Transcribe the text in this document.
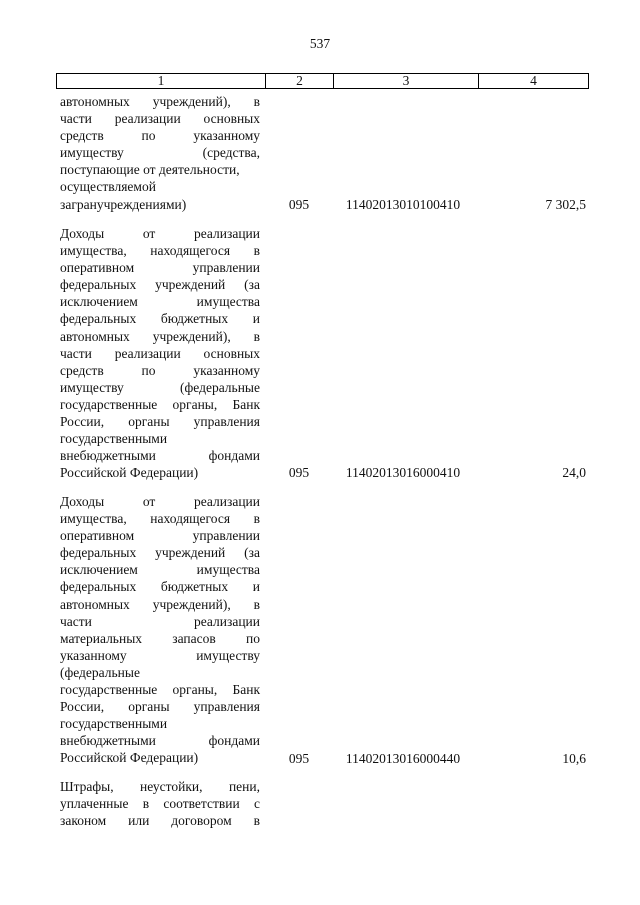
537
1	2	3	4
автономных учреждений), в
части реализации основных
средств по указанному
имуществу (средства,
поступающие от деятельности,
осуществляемой
загранучреждениями)	095	11402013010100410	7 302,5
Доходы от реализации
имущества, находящегося в
оперативном управлении
федеральных учреждений (за
исключением имущества
федеральных бюджетных и
автономных учреждений), в
части реализации основных
средств по указанному
имуществу (федеральные
государственные органы, Банк
России, органы управления
государственными
внебюджетными фондами
Российской Федерации)	095	11402013016000410	24,0
Доходы от реализации
имущества, находящегося в
оперативном управлении
федеральных учреждений (за
исключением имущества
федеральных бюджетных и
автономных учреждений), в
части реализации
материальных запасов по
указанному имуществу
(федеральные
государственные органы, Банк
России, органы управления
государственными
внебюджетными фондами
Российской Федерации)	095	11402013016000440	10,6
Штрафы, неустойки, пени,
уплаченные в соответствии с
законом или договором в
